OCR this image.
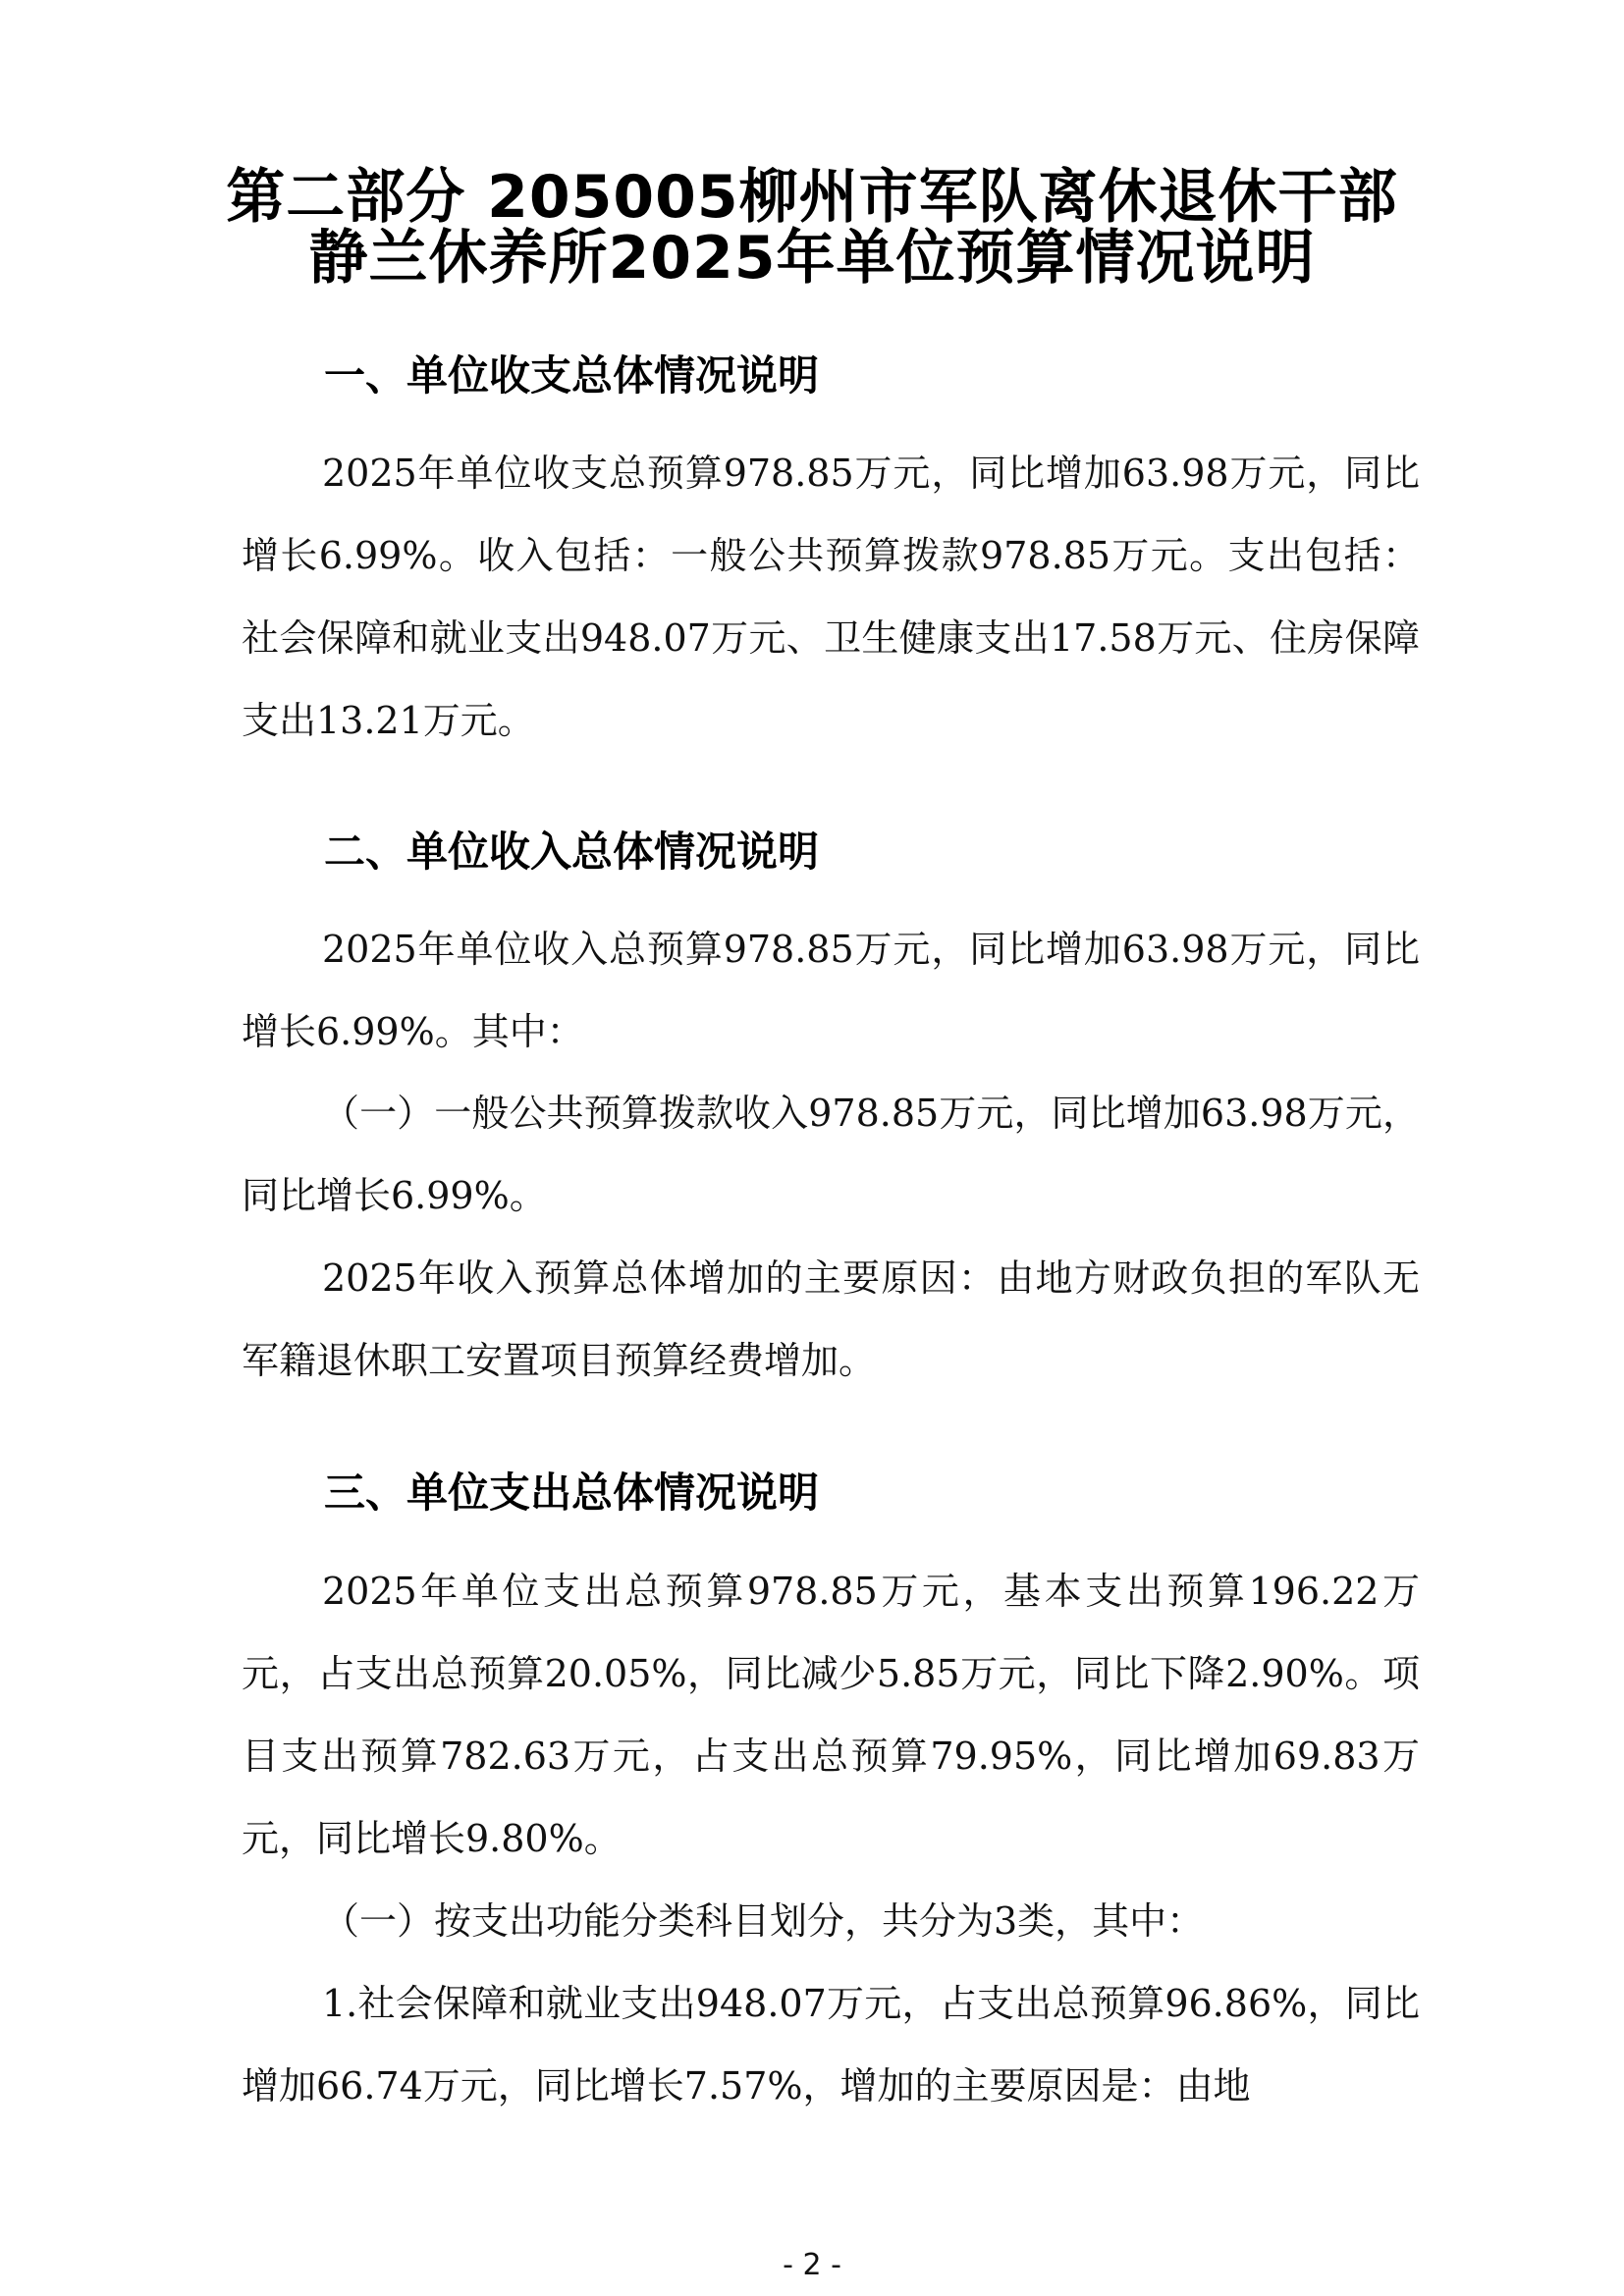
第二部分 205005柳州市军队离休退休干部
静兰休养所2025年单位预算情况说明
一、单位收支总体情况说明

2025年单位收支总预算978.85万元，同比增加63.98万元，同比增长6.99%。收入包括：一般公共预算拨款978.85万元。支出包括：社会保障和就业支出948.07万元、卫生健康支出17.58万元、住房保障支出13.21万元。

二、单位收入总体情况说明

2025年单位收入总预算978.85万元，同比增加63.98万元，同比增长6.99%。其中：

（一）一般公共预算拨款收入978.85万元，同比增加63.98万元，同比增长6.99%。

2025年收入预算总体增加的主要原因：由地方财政负担的军队无军籍退休职工安置项目预算经费增加。

三、单位支出总体情况说明

2025年单位支出总预算978.85万元，基本支出预算196.22万元，占支出总预算20.05%，同比减少5.85万元，同比下降2.90%。项目支出预算782.63万元，占支出总预算79.95%，同比增加69.83万元，同比增长9.80%。

（一）按支出功能分类科目划分，共分为3类，其中：

1.社会保障和就业支出948.07万元，占支出总预算96.86%，同比增加66.74万元，同比增长7.57%，增加的主要原因是：由地

- 2 -
